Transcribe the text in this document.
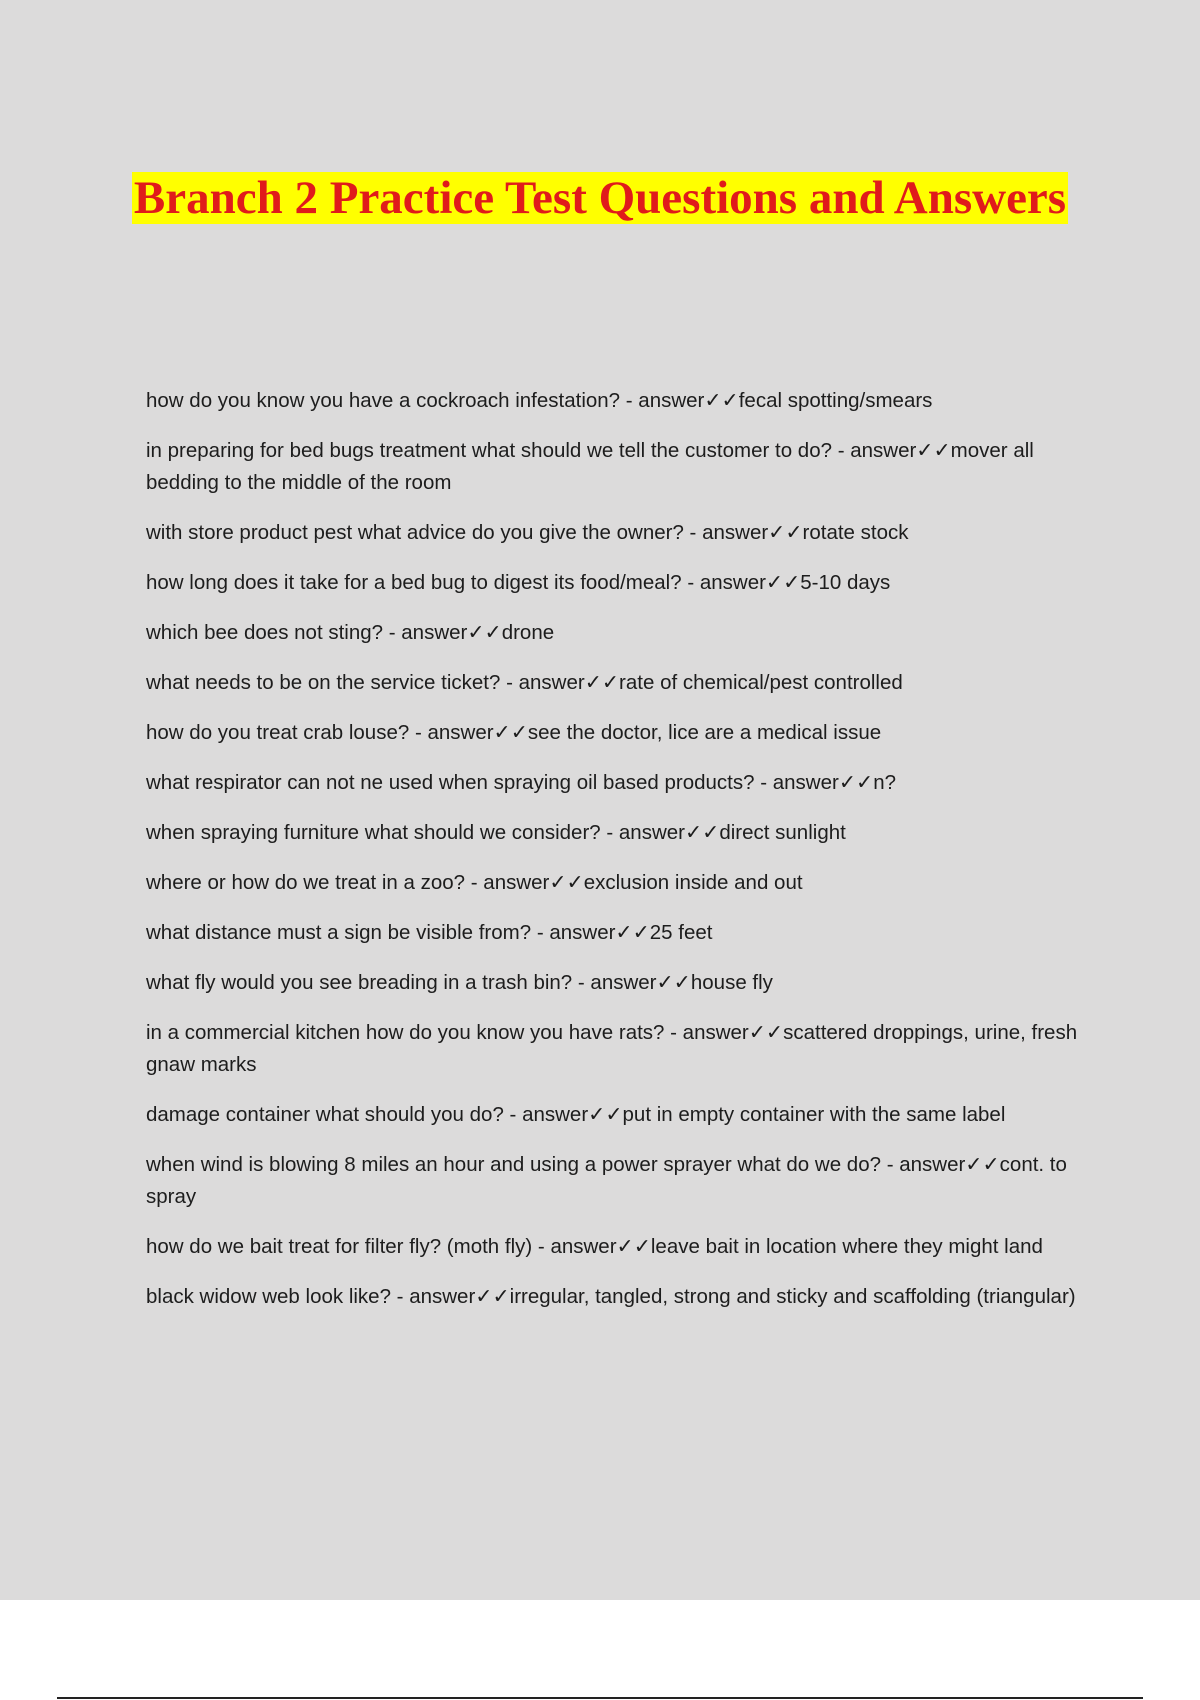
Branch 2 Practice Test Questions and Answers
how do you know you have a cockroach infestation? - answer✓✓fecal spotting/smears
in preparing for bed bugs treatment what should we tell the customer to do? - answer✓✓mover all bedding to the middle of the room
with store product pest what advice do you give the owner? - answer✓✓rotate stock
how long does it take for a bed bug to digest its food/meal? - answer✓✓5-10 days
which bee does not sting? - answer✓✓drone
what needs to be on the service ticket? - answer✓✓rate of chemical/pest controlled
how do you treat crab louse? - answer✓✓see the doctor, lice are a medical issue
what respirator can not ne used when spraying oil based products? - answer✓✓n?
when spraying furniture what should we consider? - answer✓✓direct sunlight
where or how do we treat in a zoo? - answer✓✓exclusion inside and out
what distance must a sign be visible from? - answer✓✓25 feet
what fly would you see breading in a trash bin? - answer✓✓house fly
in a commercial kitchen how do you know you have rats? - answer✓✓scattered droppings, urine, fresh gnaw marks
damage container what should you do? - answer✓✓put in empty container with the same label
when wind is blowing 8 miles an hour and using a power sprayer what do we do? - answer✓✓cont. to spray
how do we bait treat for filter fly? (moth fly) - answer✓✓leave bait in location where they might land
black widow web look like? - answer✓✓irregular, tangled, strong and sticky and scaffolding (triangular)
